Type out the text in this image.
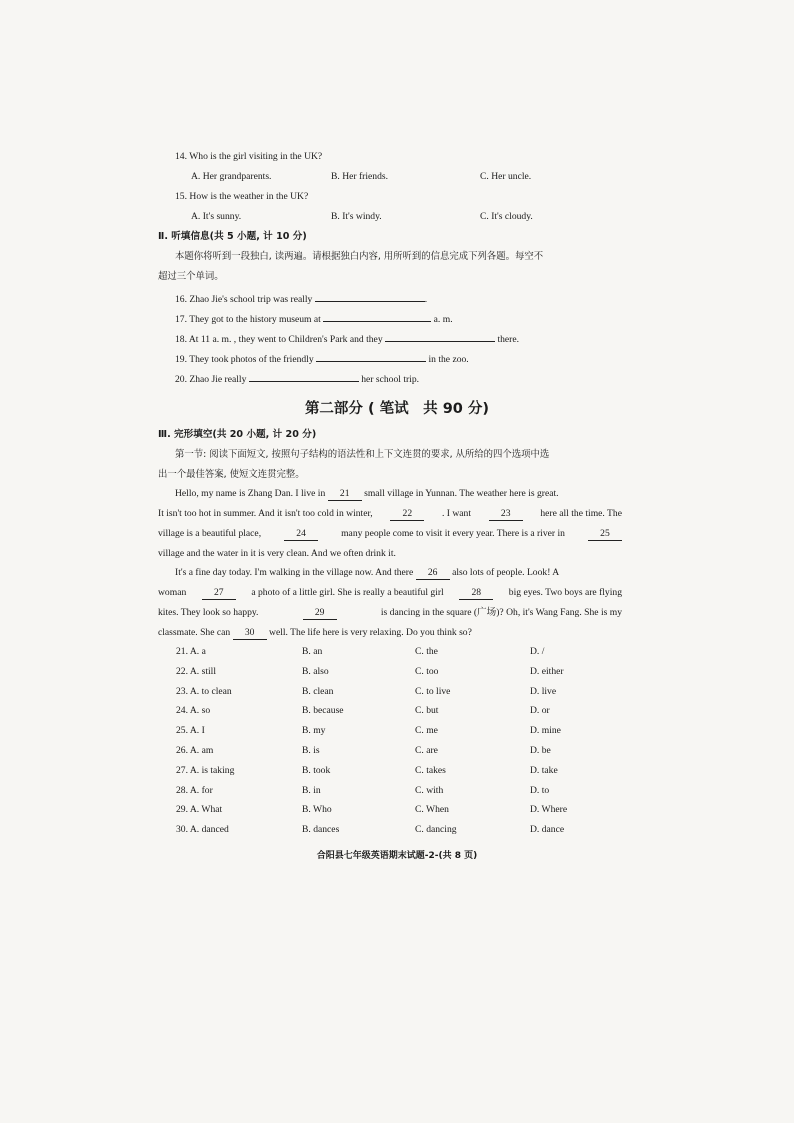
14. Who is the girl visiting in the UK?
A. Her grandparents.	B. Her friends.	C. Her uncle.
15. How is the weather in the UK?
A. It's sunny.	B. It's windy.	C. It's cloudy.
Ⅱ. 听填信息(共 5 小题, 计 10 分)
本题你将听到一段独白, 读两遍。请根据独白内容, 用所听到的信息完成下列各题。每空不
超过三个单词。
16. Zhao Jie's school trip was really	.
17. They got to the history museum at	a. m.
18. At 11 a. m. , they went to Children's Park and they	there.
19. They took photos of the friendly	in the zoo.
20. Zhao Jie really	her school trip.
第二部分 ( 笔试　共 90 分)
Ⅲ. 完形填空(共 20 小题, 计 20 分)
第一节: 阅读下面短文, 按照句子结构的语法性和上下文连贯的要求, 从所给的四个选项中选
出一个最佳答案, 使短文连贯完整。
Hello, my name is Zhang Dan. I live in 21 small village in Yunnan. The weather here is great.
It isn't too hot in summer. And it isn't too cold in winter,	22	. I want	23	here all the time. The
village is a beautiful place,	24	many people come to visit it every year. There is a river in	25
village and the water in it is very clean. And we often drink it.
It's a fine day today. I'm walking in the village now. And there 26 also lots of people. Look! A
woman	27	a photo of a little girl. She is really a beautiful girl	28	big eyes. Two boys are flying
kites. They look so happy.	29	is dancing in the square (广场)? Oh, it's Wang Fang. She is my
classmate. She can 30 well. The life here is very relaxing. Do you think so?
21. A. a	B. an	C. the	D. /
22. A. still	B. also	C. too	D. either
23. A. to clean	B. clean	C. to live	D. live
24. A. so	B. because	C. but	D. or
25. A. I	B. my	C. me	D. mine
26. A. am	B. is	C. are	D. be
27. A. is taking	B. took	C. takes	D. take
28. A. for	B. in	C. with	D. to
29. A. What	B. Who	C. When	D. Where
30. A. danced	B. dances	C. dancing	D. dance
合阳县七年级英语期末试题-2-(共 8 页)
